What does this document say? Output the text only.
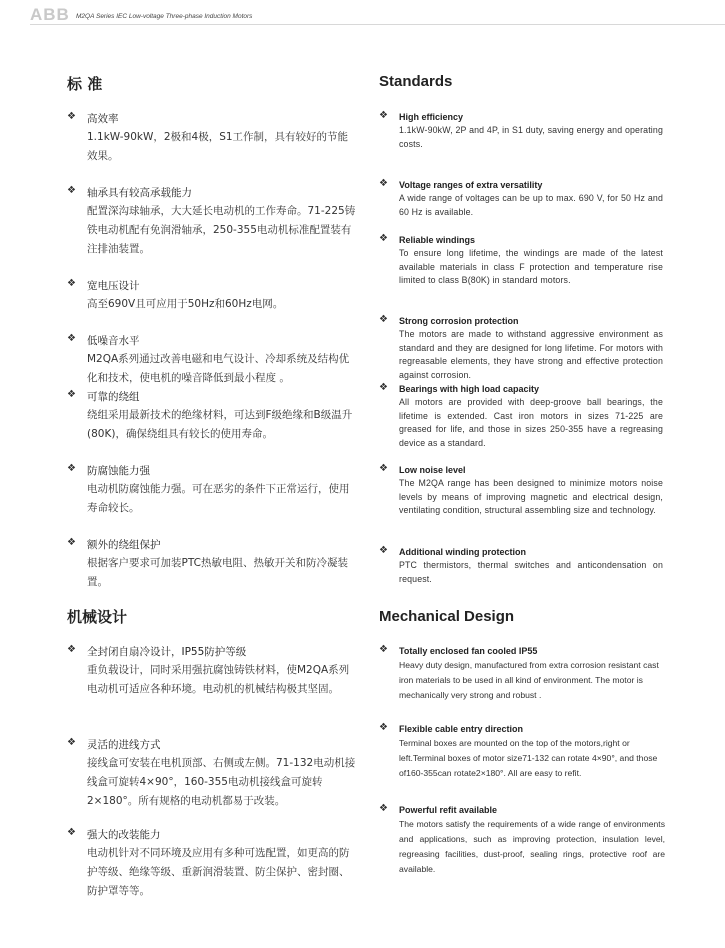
ABB M2QA Series IEC Low-voltage Three-phase Induction Motors
标 准
❖ 高效率
1.1kW-90kW，2极和4极，S1工作制，具有较好的节能效果。
❖ 轴承具有较高承载能力
配置深沟球轴承，大大延长电动机的工作寿命。71-225铸铁电动机配有免润滑轴承，250-355电动机标准配置装有注排油装置。
❖ 宽电压设计
高至690V且可应用于50Hz和60Hz电网。
❖ 低噪音水平
M2QA系列通过改善电磁和电气设计、冷却系统及结构优化和技术，使电机的噪音降低到最小程度 。
❖ 可靠的绕组
绕组采用最新技术的绝缘材料，可达到F级绝缘和B级温升(80K)，确保绕组具有较长的使用寿命。
❖ 防腐蚀能力强
电动机防腐蚀能力强。可在恶劣的条件下正常运行，使用寿命较长。
❖ 额外的绕组保护
根据客户要求可加装PTC热敏电阻、热敏开关和防冷凝装置。
机械设计
❖ 全封闭自扇冷设计，IP55防护等级
重负载设计，同时采用强抗腐蚀铸铁材料，使M2QA系列电动机可适应各种环境。电动机的机械结构极其坚固。
❖ 灵活的进线方式
接线盒可安装在电机顶部、右侧或左侧。71-132电动机接线盒可旋转4×90°，160-355电动机接线盒可旋转2×180°。所有规格的电动机都易于改装。
❖ 强大的改装能力
电动机针对不同环境及应用有多种可选配置，如更高的防护等级、绝缘等级、重新润滑装置、防尘保护、密封圈、防护罩等等。
Standards
❖ High efficiency
1.1kW-90kW, 2P and 4P, in S1 duty, saving energy and operating costs.
❖ Voltage ranges of extra versatility
A wide range of voltages can be up to max. 690 V, for 50 Hz and 60 Hz is available.
❖ Reliable windings
To ensure long lifetime, the windings are made of the latest available materials in class F protection and temperature rise limited to class B(80K) in standard motors.
❖ Strong corrosion protection
The motors are made to withstand aggressive environment as standard and they are designed for long lifetime. For motors with regreasable elements, they have strong and effective protection against corrosion.
❖ Bearings with high load capacity
All motors are provided with deep-groove ball bearings, the lifetime is extended. Cast iron motors in sizes 71-225 are greased for life, and those in sizes 250-355 have a regreasing device as a standard.
❖ Low noise level
The M2QA range has been designed to minimize motors noise levels by means of improving magnetic and electrical design, ventilating condition, structural assembling size and technology.
❖ Additional winding protection
PTC thermistors, thermal switches and anticondensation on request.
Mechanical Design
❖ Totally enclosed fan cooled IP55
Heavy duty design, manufactured from extra corrosion resistant cast iron materials to be used in all kind of environment. The motor is mechanically very strong and robust .
❖ Flexible cable entry direction
Terminal boxes are mounted on the top of the motors,right or left.Terminal boxes of motor size71-132 can rotate 4×90°, and those of160-355can rotate2×180°. All are easy to refit.
❖ Powerful refit available
The motors satisfy the requirements of a wide range of environments and applications, such as improving protection, insulation level, regreasing facilities, dust-proof, sealing rings, protective roof are available.
